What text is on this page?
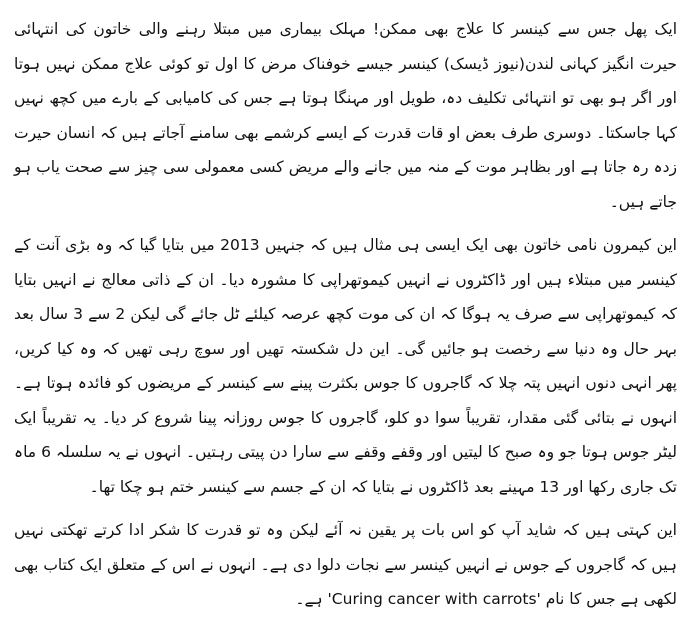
ایک پھل جس سے کینسر کا علاج بھی ممکن! مہلک بیماری میں مبتلا رہنے والی خاتون کی انتہائی حیرت انگیز کہانی لندن(نیوز ڈیسک) کینسر جیسے خوفناک مرض کا اول تو کوئی علاج ممکن نہیں ہوتا اور اگر ہو بھی تو انتہائی تکلیف دہ، طویل اور مہنگا ہوتا ہے جس کی کامیابی کے بارے میں کچھ نہیں کہا جاسکتا۔ دوسری طرف بعض او قات قدرت کے ایسے کرشمے بھی سامنے آجاتے ہیں کہ انسان حیرت زدہ رہ جاتا ہے اور بظاہر موت کے منہ میں جانے والے مریض کسی معمولی سی چیز سے صحت یاب ہو جاتے ہیں۔

این کیمرون نامی خاتون بھی ایک ایسی ہی مثال ہیں کہ جنہیں 2013 میں بتایا گیا کہ وہ بڑی آنت کے کینسر میں مبتلاء ہیں اور ڈاکٹروں نے انہیں کیموتھراپی کا مشورہ دیا۔ ان کے ذاتی معالج نے انہیں بتایا کہ کیموتھراپی سے صرف یہ ہوگا کہ ان کی موت کچھ عرصہ کیلئے ٹل جائے گی لیکن 2 سے 3 سال بعد بہر حال وہ دنیا سے رخصت ہو جائیں گی۔ این دل شکستہ تھیں اور سوچ رہی تھیں کہ وہ کیا کریں، پھر انہی دنوں انہیں پتہ چلا کہ گاجروں کا جوس بکثرت پینے سے کینسر کے مریضوں کو فائدہ ہوتا ہے۔ انہوں نے بتائی گئی مقدار، تقریباً سوا دو کلو، گاجروں کا جوس روزانہ پینا شروع کر دیا۔ یہ تقریباً ایک لیٹر جوس ہوتا جو وہ صبح کا لیتیں اور وقفے وقفے سے سارا دن پیتی رہتیں۔ انہوں نے یہ سلسلہ 6 ماہ تک جاری رکھا اور 13 مہینے بعد ڈاکٹروں نے بتایا کہ ان کے جسم سے کینسر ختم ہو چکا تھا۔

این کہتی ہیں کہ شاید آپ کو اس بات پر یقین نہ آئے لیکن وہ تو قدرت کا شکر ادا کرتے تھکتی نہیں ہیں کہ گاجروں کے جوس نے انہیں کینسر سے نجات دلوا دی ہے۔ انہوں نے اس کے متعلق ایک کتاب بھی لکھی ہے جس کا نام 'Curing cancer with carrots' ہے۔
